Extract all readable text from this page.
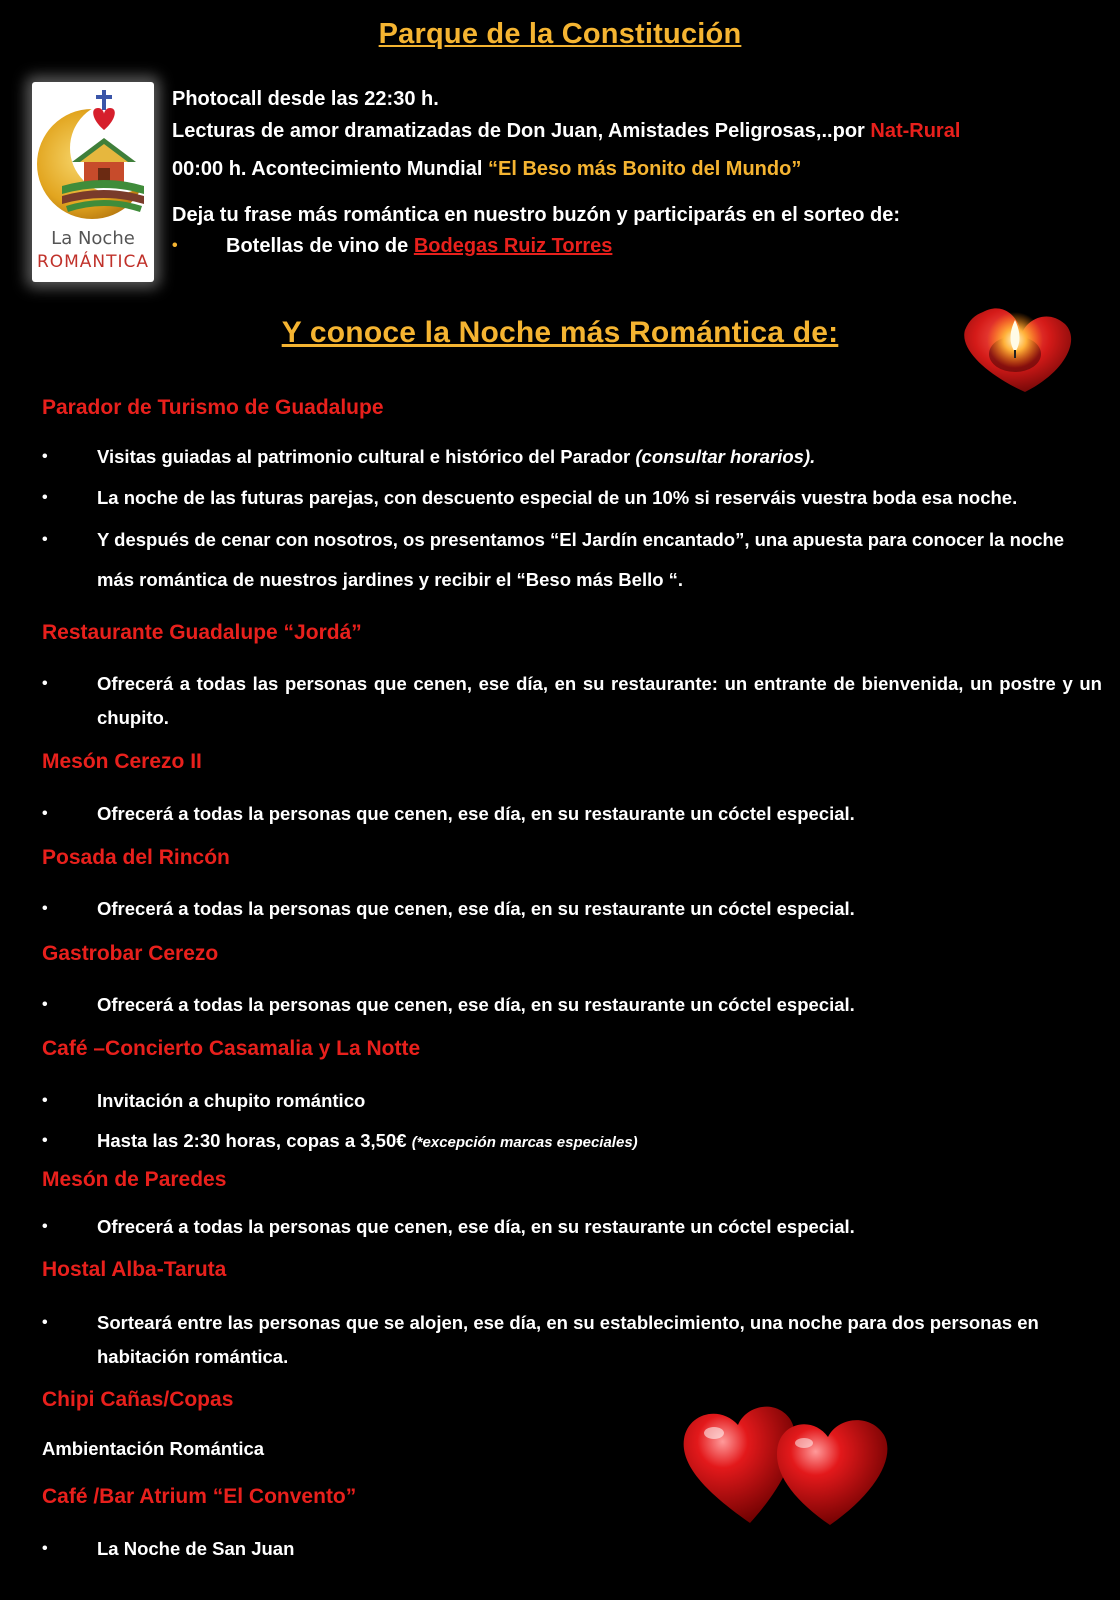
Parque de la Constitución
La Noche
ROMÁNTICA
Photocall desde las 22:30 h.
Lecturas de amor dramatizadas de Don Juan, Amistades Peligrosas,..por Nat-Rural
00:00 h. Acontecimiento Mundial “El Beso más Bonito del Mundo”
Deja tu frase más romántica en nuestro buzón y participarás en el sorteo de:
• Botellas de vino de Bodegas Ruiz Torres
Y conoce la Noche más Romántica de:
Parador de Turismo de Guadalupe
•	Visitas guiadas al patrimonio cultural e histórico del Parador (consultar horarios).
•	La noche de las futuras parejas, con descuento especial de un 10% si reserváis vuestra boda esa noche.
•	Y después de cenar con nosotros, os presentamos “El Jardín encantado”, una apuesta para conocer la noche más romántica de nuestros jardines y recibir el “Beso más Bello “.
Restaurante Guadalupe “Jordá”
•	Ofrecerá a todas las personas que cenen, ese día, en su restaurante: un entrante de bienvenida, un postre y un chupito.
Mesón Cerezo II
•	Ofrecerá a todas la personas que cenen, ese día, en su restaurante un cóctel especial.
Posada del Rincón
•	Ofrecerá a todas la personas que cenen, ese día, en su restaurante un cóctel especial.
Gastrobar Cerezo
•	Ofrecerá a todas la personas que cenen, ese día, en su restaurante un cóctel especial.
Café –Concierto Casamalia y La Notte
•	Invitación a chupito romántico
•	Hasta las 2:30 horas, copas a 3,50€ (*excepción marcas especiales)
Mesón de Paredes
•	Ofrecerá a todas la personas que cenen, ese día, en su restaurante un cóctel especial.
Hostal Alba-Taruta
•	Sorteará entre las personas que se alojen, ese día, en su establecimiento, una noche para dos personas en habitación romántica.
Chipi Cañas/Copas
Ambientación Romántica
Café /Bar Atrium “El Convento”
•	La Noche de San Juan
